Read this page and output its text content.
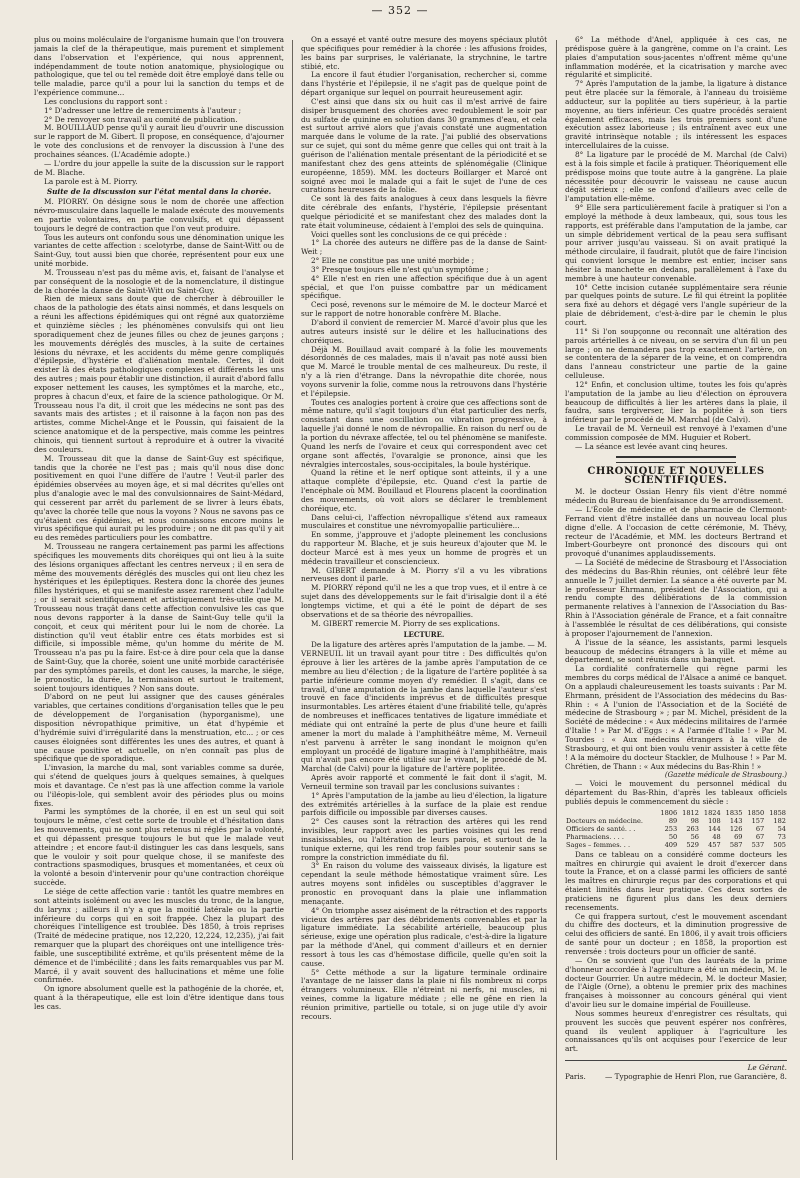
— 352 —

plus ou moins moléculaire de l'organisme humain que l'on trouvera jamais la clef de la thérapeutique, mais purement et simplement dans l'observation et l'expérience, qui nous apprennent, indépendamment de toute notion anatomique, physiologique ou pathologique, que tel ou tel remède doit être employé dans telle ou telle maladie, parce qu'il a pour lui la sanction du temps et de l'expérience commune...

Les conclusions du rapport sont :

1° D'adresser une lettre de remerciments à l'auteur ;

2° De renvoyer son travail au comité de publication.

M. BOUILLAUD pense qu'il y aurait lieu d'ouvrir une discussion sur le rapport de M. Gibert. Il propose, en conséquence, d'ajourner le vote des conclusions et de renvoyer la discussion à l'une des prochaines séances. (L'Académie adopte.)

— L'ordre du jour appelle la suite de la discussion sur le rapport de M. Blache.

La parole est à M. Piorry.

Suite de la discussion sur l'état mental dans la chorée.

M. PIORRY. On désigne sous le nom de chorée une affection névro-musculaire dans laquelle le malade exécute des mouvements en partie volontaires, en partie convulsifs, et qui dépassent toujours le degré de contraction que l'on veut produire.

Tous les auteurs ont confondu sous une dénomination unique les variantes de cette affection : scelotyrbe, danse de Saint-Witt ou de Saint-Guy, tout aussi bien que chorée, représentent pour eux une unité morbide.

M. Trousseau n'est pas du même avis, et, faisant de l'analyse et par conséquent de la nosologie et de la nomenclature, il distingue de la chorée la danse de Saint-Witt ou Saint-Guy.

Rien de mieux sans doute que de chercher à débrouiller le chaos de la pathologie des états ainsi nommés, et dans lesquels on a réuni les affections épidémiques qui ont régné aux quatorzième et quinzième siècles ; les phénomènes convulsifs qui ont lieu sporadiquement chez de jeunes filles ou chez de jeunes garçons ; les mouvements déréglés des muscles, à la suite de certaines lésions du névraxe, et les accidents du même genre compliqués d'épilepsie, d'hystérie et d'aliénation mentale. Certes, il doit exister là des états pathologiques complexes et différents les uns des autres ; mais pour établir une distinction, il aurait d'abord fallu exposer nettement les causes, les symptômes et la marche, etc., propres à chacun d'eux, et faire de la science pathologique. Or M. Trousseau nous l'a dit, il croit que les médecins ne sont pas des savants mais des artistes ; et il raisonne à la façon non pas des artistes, comme Michel-Ange et le Poussin, qui faisaient de la science anatomique et de la perspective, mais comme les peintres chinois, qui tiennent surtout à reproduire et à outrer la vivacité des couleurs.

M. Trousseau dit que la danse de Saint-Guy est spécifique, tandis que la chorée ne l'est pas ; mais qu'il nous dise donc positivement en quoi l'une diffère de l'autre ! Veut-il parler des épidémies observées au moyen âge, et si mal décrites qu'elles ont plus d'analogie avec le mal des convulsionnaires de Saint-Médard, qui cesserent par arrêt du parlement de se livrer à leurs ébats, qu'avec la chorée telle que nous la voyons ? Nous ne savons pas ce qu'étaient ces épidémies, et nous connaissons encore moins le virus spécifique qui aurait pu les produire ; on ne dit pas qu'il y ait eu des remèdes particuliers pour les combattre.

M. Trousseau ne rangera certainement pas parmi les affections spécifiques les mouvements dits choréiques qui ont lieu à la suite des lésions organiques affectant les centres nerveux ; il en sera de même des mouvements déréglés des muscles qui ont lieu chez les hystériques et les épileptiques. Restera donc la chorée des jeunes filles hystériques, et qui se manifeste assez rarement chez l'adulte ; or il serait scientifiquement et artistiquement très-utile que M. Trousseau nous traçât dans cette affection convulsive les cas que nous devons rapporter à la danse de Saint-Guy telle qu'il la conçoit, et ceux qui méritent pour lui le nom de chorée. La distinction qu'il veut établir entre ces états morbides est si difficile, si impossible même, qu'un homme du mérite de M. Trousseau n'a pas pu la faire. Est-ce à dire pour cela que la danse de Saint-Guy, que la chorée, soient une unité morbide caractérisée par des symptômes pareils, et dont les causes, la marche, le siége, le pronostic, la durée, la terminaison et surtout le traitement, soient toujours identiques ? Non sans doute.

D'abord on ne peut lui assigner que des causes générales variables, que certaines conditions d'organisation telles que le peu de développement de l'organisation (hyporganisme), une disposition névropathique primitive, un état d'hypémie et d'hydrémie suivi d'irrégularité dans la menstruation, etc... ; or ces causes éloignées sont différentes les unes des autres, et quant à une cause positive et actuelle, on n'en connaît pas plus de spécifique que de sporadique.

L'invasion, la marche du mal, sont variables comme sa durée, qui s'étend de quelques jours à quelques semaines, à quelques mois et davantage. Ce n'est pas là une affection comme la variole ou l'iléopis-lole, qui semblent avoir des périodes plus ou moins fixes.

Parmi les symptômes de la chorée, il en est un seul qui soit toujours le même, c'est cette sorte de trouble et d'hésitation dans les mouvements, qui ne sont plus retenus ni réglés par la volonté, et qui dépassent presque toujours le but que le malade veut atteindre ; et encore faut-il distinguer les cas dans lesquels, sans que le vouloir y soit pour quelque chose, il se manifeste des contractions spasmodiques, brusques et momentanées, et ceux où la volonté a besoin d'intervenir pour qu'une contraction choréique succède.

Le siége de cette affection varie : tantôt les quatre membres en sont atteints isolément ou avec les muscles du tronc, de la langue, du larynx ; ailleurs il n'y a que la moitié latérale ou la partie inférieure du corps qui en soit frappée. Chez la plupart des choréiques l'intelligence est troublée. Dès 1850, à trois reprises (Traité de médecine pratique, nos 12,220, 12,224, 12,235), j'ai fait remarquer que la plupart des choréiques ont une intelligence très-faible, une susceptibilité extrême, et qu'ils présentent même de la démence et de l'imbécilité ; dans les faits remarquables vus par M. Marcé, il y avait souvent des hallucinations et même une folie confirmée.

On ignore absolument quelle est la pathogénie de la chorée, et, quant à la thérapeutique, elle est loin d'être identique dans tous les cas.

On a essayé et vanté outre mesure des moyens spéciaux plutôt que spécifiques pour remédier à la chorée : les affusions froides, les bains par surprises, le valérianate, la strychnine, le tartre stibié, etc.

La encore il faut étudier l'organisation, rechercher si, comme dans l'hystérie et l'épilepsie, il ne s'agit pas de quelque point de départ organique sur lequel on pourrait heureusement agir.

C'est ainsi que dans six ou huit cas il m'est arrivé de faire disiper brusquement des chorées avec redoublement le soir par du sulfate de quinine en solution dans 30 grammes d'eau, et cela est surtout arrivé alors que j'avais constaté une augmentation marquée dans le volume de la rate. J'ai publié des observations sur ce sujet, qui sont du même genre que celles qui ont trait à la guérison de l'aliénation mentale présentant de la périodicité et se manifestant chez des gens atteints de splénomégalie (Clinique européenne, 1859). MM. les docteurs Boillarger et Marcé ont soigné avec moi le malade qui a fait le sujet de l'une de ces curations heureuses de la folie.

Ce sont là des faits analogues à ceux dans lesquels la fièvre dite cérébrale des enfants, l'hystérie, l'épilepsie présentant quelque périodicité et se manifestant chez des malades dont la rate était volumineuse, cédaient à l'emploi des sels de quinquina.

Voici quelles sont les conclusions de ce qui précède :

1° La chorée des auteurs ne diffère pas de la danse de Saint-Weit ;

2° Elle ne constitue pas une unité morbide ;

3° Presque toujours elle n'est qu'un symptôme ;

4° Elle n'est en rien une affection spécifique due à un agent spécial, et que l'on puisse combattre par un médicament spécifique.

Ceci posé, revenons sur le mémoire de M. le docteur Marcé et sur le rapport de notre honorable confrère M. Blache.

D'abord il convient de remercier M. Marcé d'avoir plus que les autres auteurs insisté sur le délire et les hallucinations des choréiques.

Déjà M. Bouillaud avait comparé à la folie les mouvements désordonnés de ces malades, mais il n'avait pas noté aussi bien que M. Marcé le trouble mental de ces malheureux. Du reste, il n'y a là rien d'étrange. Dans la névropathie dite chorée, nous voyons survenir la folie, comme nous la retrouvons dans l'hystérie et l'épilepsie.

Toutes ces analogies portent à croire que ces affections sont de même nature, qu'il s'agit toujours d'un état particulier des nerfs, consistant dans une oscillation ou vibration progressive, à laquelle j'ai donné le nom de névropallie. En raison du nerf ou de la portion du névraxe affectée, tel ou tel phénomène se manifeste. Quand les nerfs de l'ovaire et ceux qui correspondent avec cet organe sont affectés, l'ovaralgie se prononce, ainsi que les névralgies intercostales, sous-occipitales, la boule hystérique.

Quand la rétine et le nerf optique sont atteints, il y a une attaque complète d'épilepsie, etc. Quand c'est la partie de l'encéphale où MM. Bouillaud et Flourens placent la coordination des mouvements, où voit alors se déclarer le tremblement choréique, etc.

Dans celui-ci, l'affection névropallique s'étend aux rameaux musculaires et constitue une névromyopallie particulière...

En somme, j'approuve et j'adopte pleinement les conclusions du rapporteur M. Blache, et je suis heureux d'ajouter que M. le docteur Marcé est à mes yeux un homme de progrès et un médecin travailleur et consciencieux.

M. GIBERT demande à M. Piorry s'il a vu les vibrations nerveuses dont il parle.

M. PIORRY répond qu'il ne les a que trop vues, et il entre à ce sujet dans des développements sur le fait d'irisalgie dont il a été longtemps victime, et qui a été le point de départ de ses observations et de sa théorie des névropallies.

M. GIBERT remercie M. Piorry de ses explications.

LECTURE.

De la ligature des artères après l'amputation de la jambe. — M. VERNEUIL lit un travail ayant pour titre : Des difficultés qu'on éprouve à lier les artères de la jambe après l'amputation de ce membre au lieu d'élection ; de la ligature de l'artère poplitée à sa partie inférieure comme moyen d'y remédier. Il s'agit, dans ce travail, d'une amputation de la jambe dans laquelle l'auteur s'est trouvé en face d'incidents imprévus et de difficultés presque insurmontables. Les artères étaient d'une friabilité telle, qu'après de nombreuses et inefficaces tentatives de ligature immédiate et médiate qui ont entraîné la perte de plus d'une heure et failli amener la mort du malade à l'amphithéâtre même, M. Verneuil n'est parvenu à arrêter le sang inondant le moignon qu'en employant un procédé de ligature imaginé à l'amphithéâtre, mais qui n'avait pas encore été utilisé sur le vivant, le procédé de M. Marchal (de Calvi) pour la ligature de l'artère poplitée.

Après avoir rapporté et commenté le fait dont il s'agit, M. Verneuil termine son travail par les conclusions suivantes :

1° Après l'amputation de la jambe au lieu d'élection, la ligature des extrémités artérielles à la surface de la plaie est rendue parfois difficile ou impossible par diverses causes.

2° Ces causes sont la rétraction des artères qui les rend invisibles, leur rapport avec les parties voisines qui les rend insaisissables, ou l'altération de leurs parois, et surtout de la tunique externe, qui les rend trop faibles pour soutenir sans se rompre la constriction immédiate du fil.

3° En raison du volume des vaisseaux divisés, la ligature est cependant la seule méthode hémostatique vraiment sûre. Les autres moyens sont infidèles ou susceptibles d'aggraver le pronostic en provoquant dans la plaie une inflammation menaçante.

4° On triomphe assez aisément de la rétraction et des rapports vicieux des artères par des débridements convenables et par la ligature immédiate. La sécabilité artérielle, beaucoup plus sérieuse, exige une opération plus radicale, c'est-à-dire la ligature par la méthode d'Anel, qui comment d'ailleurs et en dernier ressort à tous les cas d'hémostase difficile, quelle qu'en soit la cause.

5° Cette méthode a sur la ligature terminale ordinaire l'avantage de ne laisser dans la plaie ni fils nombreux ni corps étrangers volumineux. Elle n'étreint ni nerfs, ni muscles, ni veines, comme la ligature médiate ; elle ne gêne en rien la réunion primitive, partielle ou totale, si on juge utile d'y avoir recours.

6° La méthode d'Anel, appliquée à ces cas, ne prédispose guère à la gangrène, comme on l'a craint. Les plaies d'amputation sous-jacentes n'offrent même qu'une inflammation modérée, et la cicatrisation y marche avec régularité et simplicité.

7° Après l'amputation de la jambe, la ligature à distance peut être placée sur la fémorale, à l'anneau du troisième adducteur, sur la poplitée au tiers supérieur, à la partie moyenne, au tiers inférieur. Ces quatre procédés seraient également efficaces, mais les trois premiers sont d'une exécution assez laborieuse ; ils entraînent avec eux une gravité intrinsèque notable ; ils intéressent les espaces intercellulaires de la cuisse.

8° La ligature par le procédé de M. Marchal (de Calvi) est à la fois simple et facile à pratiquer. Théoriquement elle prédispose moins que toute autre à la gangrène. La plaie nécessitée pour découvrir le vaisseau ne cause aucun dégât sérieux ; elle se confond d'ailleurs avec celle de l'amputation elle-même.

9° Elle sera particulièrement facile à pratiquer si l'on a employé la méthode à deux lambeaux, qui, sous tous les rapports, est préférable dans l'amputation de la jambe, car un simple débridement vertical de la peau sera suffisant pour arriver jusqu'au vaisseau. Si on avait pratiqué la méthode circulaire, il faudrait, plutôt que de faire l'incision qui convient lorsque le membre est entier, inciser sans hésiter la manchette en dedans, parallèlement à l'axe du membre à une hauteur convenable.

10° Cette incision cutanée supplémentaire sera réunie par quelques points de suture. Le fil qui étreint la poplitée sera fixé au dehors et dégagé vers l'angle supérieur de la plaie de débridement, c'est-à-dire par le chemin le plus court.

11° Si l'on soupçonne ou reconnaît une altération des parois artérielles à ce niveau, on se servira d'un fil un peu large ; on ne demandera pas trop exactement l'artère, on se contentera de la séparer de la veine, et on comprendra dans l'anneau constricteur une partie de la gaine celluleuse.

12° Enfin, et conclusion ultime, toutes les fois qu'après l'amputation de la jambe au lieu d'élection on éprouvera beaucoup de difficultés à lier les artères dans la plaie, il faudra, sans tergiverser, lier la poplitée à son tiers inférieur par le procédé de M. Marchal (de Calvi).

Le travail de M. Verneuil est renvoyé à l'examen d'une commission composée de MM. Huguier et Robert.

— La séance est levée avant cinq heures.

CHRONIQUE ET NOUVELLES SCIENTIFIQUES.

M. le docteur Ossian Henry fils vient d'être nommé médecin du Bureau de bienfaisance du 9e arrondissement.

— L'École de médecine et de pharmacie de Clermont-Ferrand vient d'être installée dans un nouveau local plus digne d'elle. A l'occasion de cette cérémonie, M. Thévy, recteur de l'Académie, et MM. les docteurs Bertrand et Imbert-Gourbeyre ont prononcé des discours qui ont provoqué d'unanimes applaudissements.

— La Société de médecine de Strasbourg et l'Association des médecins du Bas-Rhin réunies, ont célébré leur fête annuelle le 7 juillet dernier. La séance a été ouverte par M. le professeur Ehrmann, président de l'Association, qui a rendu compte des délibérations de la commission permanente relatives à l'annexion de l'Association du Bas-Rhin à l'Association générale de France, et a fait connaître à l'assemblée le résultat de ces délibérations, qui consiste à proposer l'ajournement de l'annexion.

A l'issue de la séance, les assistants, parmi lesquels beaucoup de médecins étrangers à la ville et même au département, se sont réunis dans un banquet.

La cordialité confraternelle qui règne parmi les membres du corps médical de l'Alsace a animé ce banquet. On a applaudi chaleureusement les toasts suivants : Par M. Ehrmann, président de l'Association des médecins du Bas-Rhin : « A l'union de l'Association et de la Société de médecine de Strasbourg » ; par M. Michel, président de la Société de médecine : « Aux médecins militaires de l'armée d'Italie ! » Par M. d'Eggs : « A l'armée d'Italie ! » Par M. Tourdes : « Aux médecins étrangers à la ville de Strasbourg, et qui ont bien voulu venir assister à cette fête ! A la mémoire du docteur Stackler, de Mulhouse ! » Par M. Chrétien, de Thann : « Aux médecins du Bas-Rhin ! »

(Gazette médicale de Strasbourg.)

— Voici le mouvement du personnel médical du département du Bas-Rhin, d'après les tableaux officiels publiés depuis le commencement du siècle :

	1806	1812	1824	1835	1850	1858
Docteurs en médecine.	89	98	108	143	157	182
Officiers de santé. . .	253	263	144	126	67	54
Pharmaciens. . . .	50	56	48	69	67	73
Sages – femmes. . .	409	529	457	587	537	505

Dans ce tableau on a considéré comme docteurs les maîtres en chirurgie qui avaient le droit d'exercer dans toute la France, et on a classé parmi les officiers de santé les maîtres en chirurgie reçus par des corporations et qui étaient limités dans leur pratique. Ces deux sortes de praticiens ne figurent plus dans les deux derniers recensements.

Ce qui frappera surtout, c'est le mouvement ascendant du chiffre des docteurs, et la diminution progressive de celui des officiers de santé. En 1806, il y avait trois officiers de santé pour un docteur ; en 1858, la proportion est renversée : trois docteurs pour un officier de santé.

— On se souvient que l'un des lauréats de la prime d'honneur accordée à l'agriculture a été un médecin, M. le docteur Gourrier. Un autre médecin, M. le docteur Masier, de l'Aigle (Orne), a obtenu le premier prix des machines françaises à moissonner au concours général qui vient d'avoir lieu sur le domaine impérial de Fouilleuse.

Nous sommes heureux d'enregistrer ces résultats, qui prouvent les succès que peuvent espérer nos confrères, quand ils veulent appliquer à l'agriculture les connaissances qu'ils ont acquises pour l'exercice de leur art.

Le Gérant.
Paris.	— Typographie de Henri Plon, rue Garancière, 8.
